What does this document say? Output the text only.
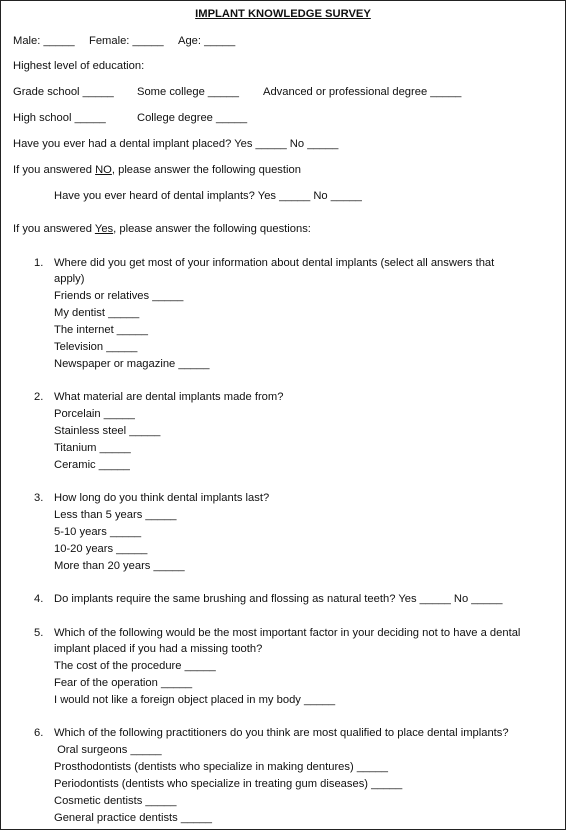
IMPLANT KNOWLEDGE SURVEY
Male: _____ Female: _____ Age: _____
Highest level of education:
Grade school _____ Some college _____ Advanced or professional degree _____
High school _____	College degree _____
Have you ever had a dental implant placed? Yes _____ No _____
If you answered NO, please answer the following question
Have you ever heard of dental implants? Yes _____ No _____
If you answered Yes, please answer the following questions:
1. Where did you get most of your information about dental implants (select all answers that
apply)
Friends or relatives _____
My dentist _____
The internet _____
Television _____
Newspaper or magazine _____
2. What material are dental implants made from?
Porcelain _____
Stainless steel _____
Titanium _____
Ceramic _____
3. How long do you think dental implants last?
Less than 5 years _____
5-10 years _____
10-20 years _____
More than 20 years _____
4. Do implants require the same brushing and flossing as natural teeth? Yes _____ No _____
5. Which of the following would be the most important factor in your deciding not to have a dental
implant placed if you had a missing tooth?
The cost of the procedure _____
Fear of the operation _____
I would not like a foreign object placed in my body _____
6. Which of the following practitioners do you think are most qualified to place dental implants?
Oral surgeons _____
Prosthodontists (dentists who specialize in making dentures) _____
Periodontists (dentists who specialize in treating gum diseases) _____
Cosmetic dentists _____
General practice dentists _____
